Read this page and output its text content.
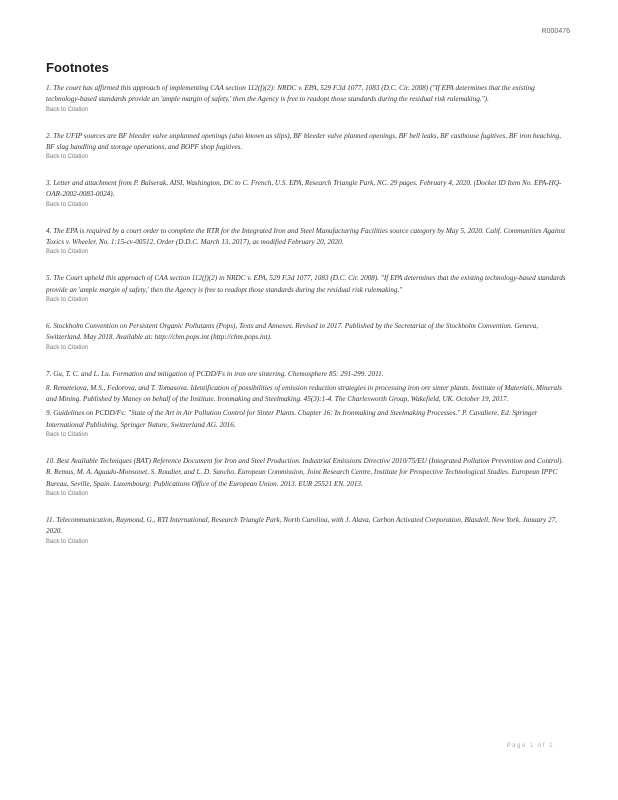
R000476
Footnotes
1. The court has affirmed this approach of implementing CAA section 112(f)(2): NRDC v. EPA, 529 F.3d 1077, 1083 (D.C. Cir. 2008) ("If EPA determines that the existing technology-based standards provide an 'ample margin of safety,' then the Agency is free to readopt those standards during the residual risk rulemaking.").
Back to Citation
2. The UFIP sources are BF bleeder valve unplanned openings (also known as slips), BF bleeder valve planned openings, BF bell leaks, BF casthouse fugitives, BF iron beaching, BF slag handling and storage operations, and BOPF shop fugitives.
Back to Citation
3. Letter and attachment from P. Balserak, AISI, Washington, DC to C. French, U.S. EPA, Research Triangle Park, NC. 29 pages. February 4, 2020. (Docket ID Item No. EPA-HQ-OAR-2002-0083-0024).
Back to Citation
4. The EPA is required by a court order to complete the RTR for the Integrated Iron and Steel Manufacturing Facilities source category by May 5, 2020. Calif. Communities Against Toxics v. Wheeler, No. 1:15-cv-00512, Order (D.D.C. March 13, 2017), as modified February 20, 2020.
Back to Citation
5. The Court upheld this approach of CAA section 112(f)(2) in NRDC v. EPA, 529 F.3d 1077, 1083 (D.C. Cir. 2008). "If EPA determines that the existing technology-based standards provide an 'ample margin of safety,' then the Agency is free to readopt those standards during the residual risk rulemaking."
Back to Citation
6. Stockholm Convention on Persistent Organic Pollutants (Pops), Texts and Annexes. Revised in 2017. Published by the Secretariat of the Stockholm Convention. Geneva, Switzerland. May 2018. Available at: http://chm.pops.int (http://chm.pops.int).
Back to Citation
7. Gu, T. C. and L. Lu. Formation and mitigation of PCDD/Fs in iron ore sintering. Chemosphere 85: 291-299. 2011.
8. Remeteiova, M.S., Fedorova, and T. Tomasova. Identification of possibilities of emission reduction strategies in processing iron ore sinter plants. Institute of Materials, Minerals and Mining. Published by Maney on behalf of the Institute. Ironmaking and Steelmaking. 45(3):1-4. The Charlesworth Group, Wakefield, UK. October 19, 2017.
9. Guidelines on PCDD/Fs: "State of the Art in Air Pollution Control for Sinter Plants. Chapter 16: In Ironmaking and Steelmaking Processes." P. Cavaliere, Ed. Springer International Publishing, Springer Nature, Switzerland AG. 2016.
Back to Citation
10. Best Available Techniques (BAT) Reference Document for Iron and Steel Production. Industrial Emissions Directive 2010/75/EU (Integrated Pollution Prevention and Control). R. Remus, M. A. Aguado-Monsonet, S. Roudier, and L. D. Sancho. European Commission, Joint Research Centre, Institute for Prospective Technological Studies. European IPPC Bureau, Seville, Spain. Luxembourg: Publications Office of the European Union. 2013. EUR 25521 EN. 2013.
Back to Citation
11. Telecommunication, Raymond, G., RTI International, Research Triangle Park, North Carolina, with J. Alava, Carbon Activated Corporation, Blasdell, New York. January 27, 2020.
Back to Citation
Page 1 of 1
